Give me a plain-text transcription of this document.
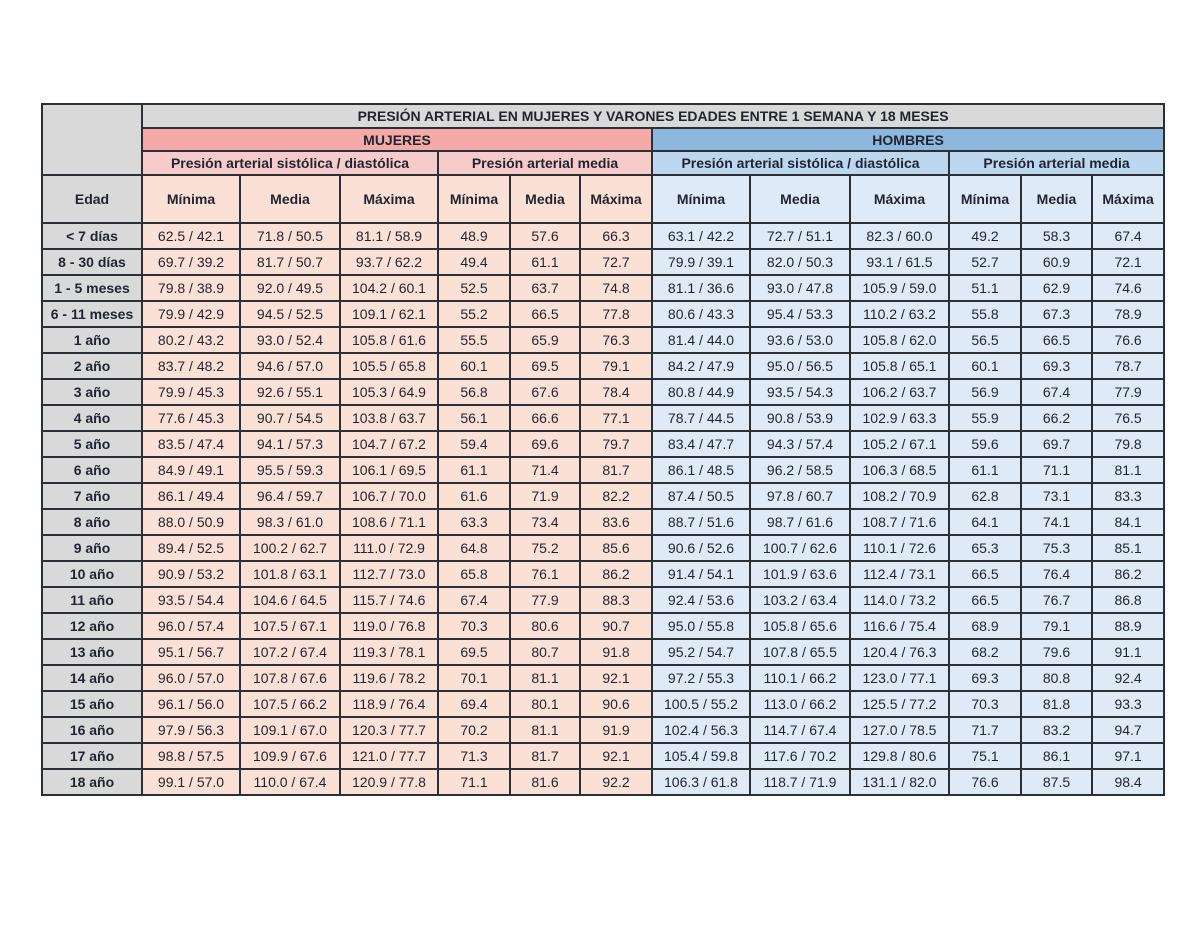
	PRESIÓN ARTERIAL EN MUJERES Y VARONES EDADES ENTRE 1 SEMANA Y 18 MESES											
	MUJERES						HOMBRES					
	Presión arterial sistólica / diastólica			Presión arterial media			Presión arterial sistólica / diastólica			Presión arterial media		
Edad	Mínima	Media	Máxima	Mínima	Media	Máxima	Mínima	Media	Máxima	Mínima	Media	Máxima
< 7 días	62.5 / 42.1	71.8 / 50.5	81.1 / 58.9	48.9	57.6	66.3	63.1 / 42.2	72.7 / 51.1	82.3 / 60.0	49.2	58.3	67.4
8 - 30 días	69.7 / 39.2	81.7 / 50.7	93.7 / 62.2	49.4	61.1	72.7	79.9 / 39.1	82.0 / 50.3	93.1 / 61.5	52.7	60.9	72.1
1 - 5 meses	79.8 / 38.9	92.0 / 49.5	104.2 / 60.1	52.5	63.7	74.8	81.1 / 36.6	93.0 / 47.8	105.9 / 59.0	51.1	62.9	74.6
6 - 11 meses	79.9 / 42.9	94.5 / 52.5	109.1 / 62.1	55.2	66.5	77.8	80.6 / 43.3	95.4 / 53.3	110.2 / 63.2	55.8	67.3	78.9
1 año	80.2 / 43.2	93.0 / 52.4	105.8 / 61.6	55.5	65.9	76.3	81.4 / 44.0	93.6 / 53.0	105.8 / 62.0	56.5	66.5	76.6
2 año	83.7 / 48.2	94.6 / 57.0	105.5 / 65.8	60.1	69.5	79.1	84.2 / 47.9	95.0 / 56.5	105.8 / 65.1	60.1	69.3	78.7
3 año	79.9 / 45.3	92.6 / 55.1	105.3 / 64.9	56.8	67.6	78.4	80.8 / 44.9	93.5 / 54.3	106.2 / 63.7	56.9	67.4	77.9
4 año	77.6 / 45.3	90.7 / 54.5	103.8 / 63.7	56.1	66.6	77.1	78.7 / 44.5	90.8 / 53.9	102.9 / 63.3	55.9	66.2	76.5
5 año	83.5 / 47.4	94.1 / 57.3	104.7 / 67.2	59.4	69.6	79.7	83.4 / 47.7	94.3 / 57.4	105.2 / 67.1	59.6	69.7	79.8
6 año	84.9 / 49.1	95.5 / 59.3	106.1 / 69.5	61.1	71.4	81.7	86.1 / 48.5	96.2 / 58.5	106.3 / 68.5	61.1	71.1	81.1
7 año	86.1 / 49.4	96.4 / 59.7	106.7 / 70.0	61.6	71.9	82.2	87.4 / 50.5	97.8 / 60.7	108.2 / 70.9	62.8	73.1	83.3
8 año	88.0 / 50.9	98.3 / 61.0	108.6 / 71.1	63.3	73.4	83.6	88.7 / 51.6	98.7 / 61.6	108.7 / 71.6	64.1	74.1	84.1
9 año	89.4 / 52.5	100.2 / 62.7	111.0 / 72.9	64.8	75.2	85.6	90.6 / 52.6	100.7 / 62.6	110.1 / 72.6	65.3	75.3	85.1
10 año	90.9 / 53.2	101.8 / 63.1	112.7 / 73.0	65.8	76.1	86.2	91.4 / 54.1	101.9 / 63.6	112.4 / 73.1	66.5	76.4	86.2
11 año	93.5 / 54.4	104.6 / 64.5	115.7 / 74.6	67.4	77.9	88.3	92.4 / 53.6	103.2 / 63.4	114.0 / 73.2	66.5	76.7	86.8
12 año	96.0 / 57.4	107.5 / 67.1	119.0 / 76.8	70.3	80.6	90.7	95.0 / 55.8	105.8 / 65.6	116.6 / 75.4	68.9	79.1	88.9
13 año	95.1 / 56.7	107.2 / 67.4	119.3 / 78.1	69.5	80.7	91.8	95.2 / 54.7	107.8 / 65.5	120.4 / 76.3	68.2	79.6	91.1
14 año	96.0 / 57.0	107.8 / 67.6	119.6 / 78.2	70.1	81.1	92.1	97.2 / 55.3	110.1 / 66.2	123.0 / 77.1	69.3	80.8	92.4
15 año	96.1 / 56.0	107.5 / 66.2	118.9 / 76.4	69.4	80.1	90.6	100.5 / 55.2	113.0 / 66.2	125.5 / 77.2	70.3	81.8	93.3
16 año	97.9 / 56.3	109.1 / 67.0	120.3 / 77.7	70.2	81.1	91.9	102.4 / 56.3	114.7 / 67.4	127.0 / 78.5	71.7	83.2	94.7
17 año	98.8 / 57.5	109.9 / 67.6	121.0 / 77.7	71.3	81.7	92.1	105.4 / 59.8	117.6 / 70.2	129.8 / 80.6	75.1	86.1	97.1
18 año	99.1 / 57.0	110.0 / 67.4	120.9 / 77.8	71.1	81.6	92.2	106.3 / 61.8	118.7 / 71.9	131.1 / 82.0	76.6	87.5	98.4
